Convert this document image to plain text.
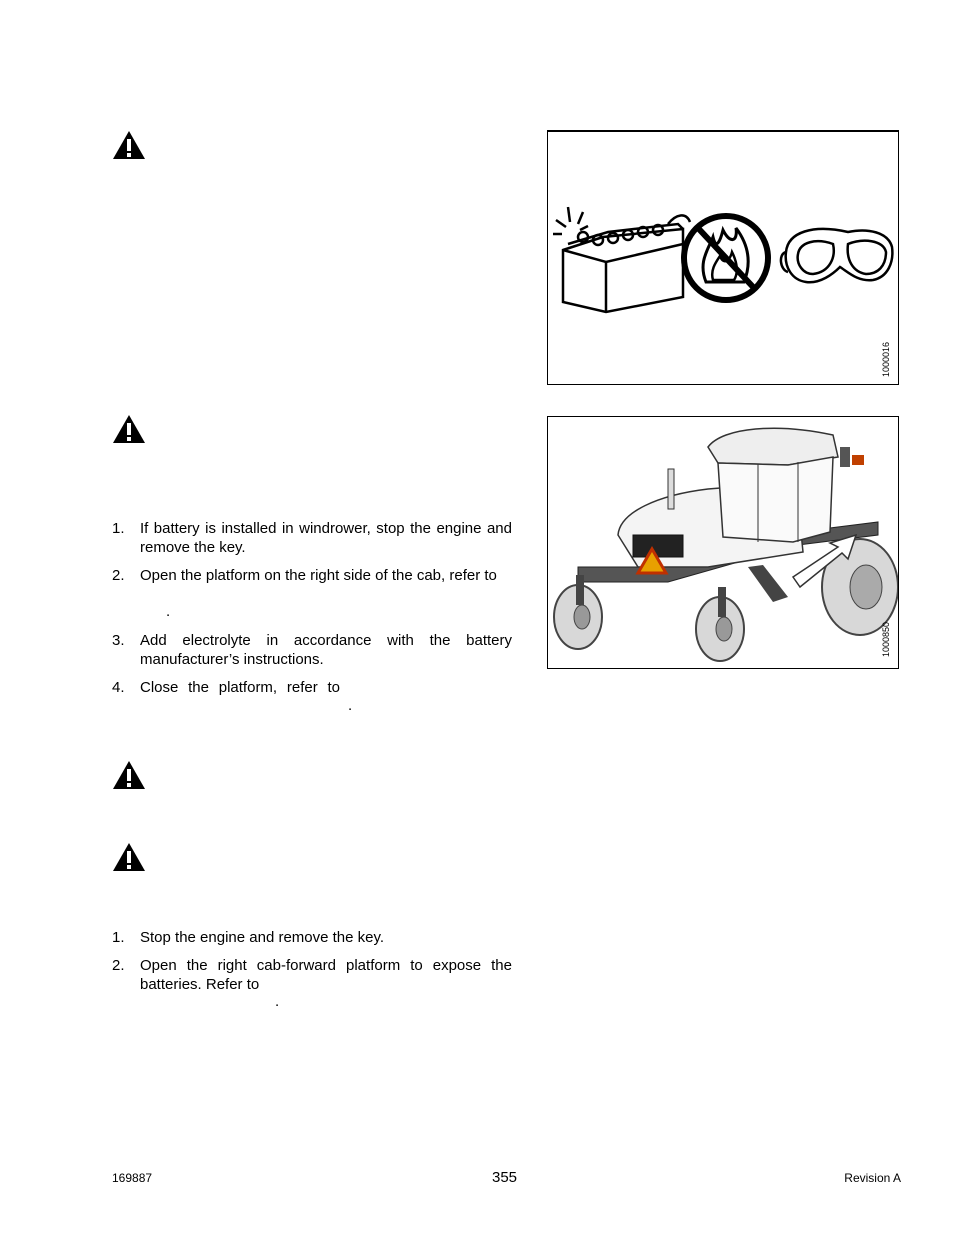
1. If battery is installed in windrower, stop the engine and remove the key.
2. Open the platform on the right side of the cab, refer to
.
3. Add electrolyte in accordance with the battery manufacturer’s instructions.
4. Close the platform, refer to
.
1. Stop the engine and remove the key.
2. Open the right cab-forward platform to expose the batteries. Refer to
.
1000016
1000850
169887	355	Revision A
